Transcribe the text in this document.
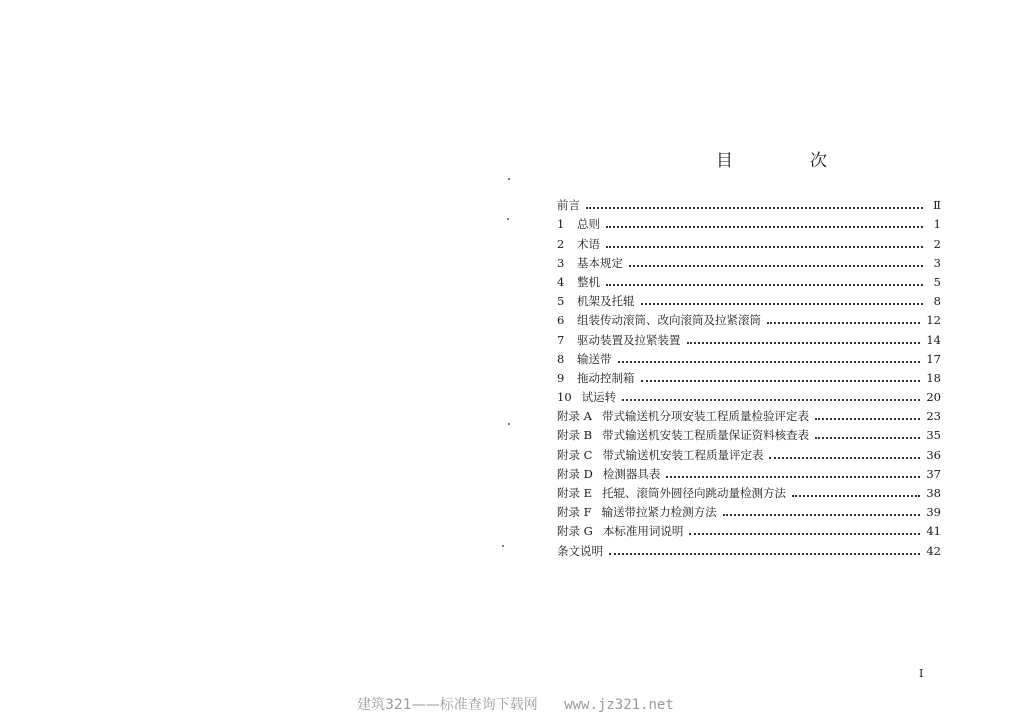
目　次
前言	Ⅱ
1 总则	1
2 术语	2
3 基本规定	3
4 整机	5
5 机架及托辊	8
6 组装传动滚筒、改向滚筒及拉紧滚筒	12
7 驱动装置及拉紧装置	14
8 输送带	17
9 拖动控制箱	18
10 试运转	20
附录 A 带式输送机分项安装工程质量检验评定表	23
附录 B 带式输送机安装工程质量保证资料核查表	35
附录 C 带式输送机安装工程质量评定表	36
附录 D 检测器具表	37
附录 E 托辊、滚筒外圆径向跳动量检测方法	38
附录 F 输送带拉紧力检测方法	39
附录 G 本标准用词说明	41
条文说明	42
I
建筑321——标准查询下载网 www.jz321.net
